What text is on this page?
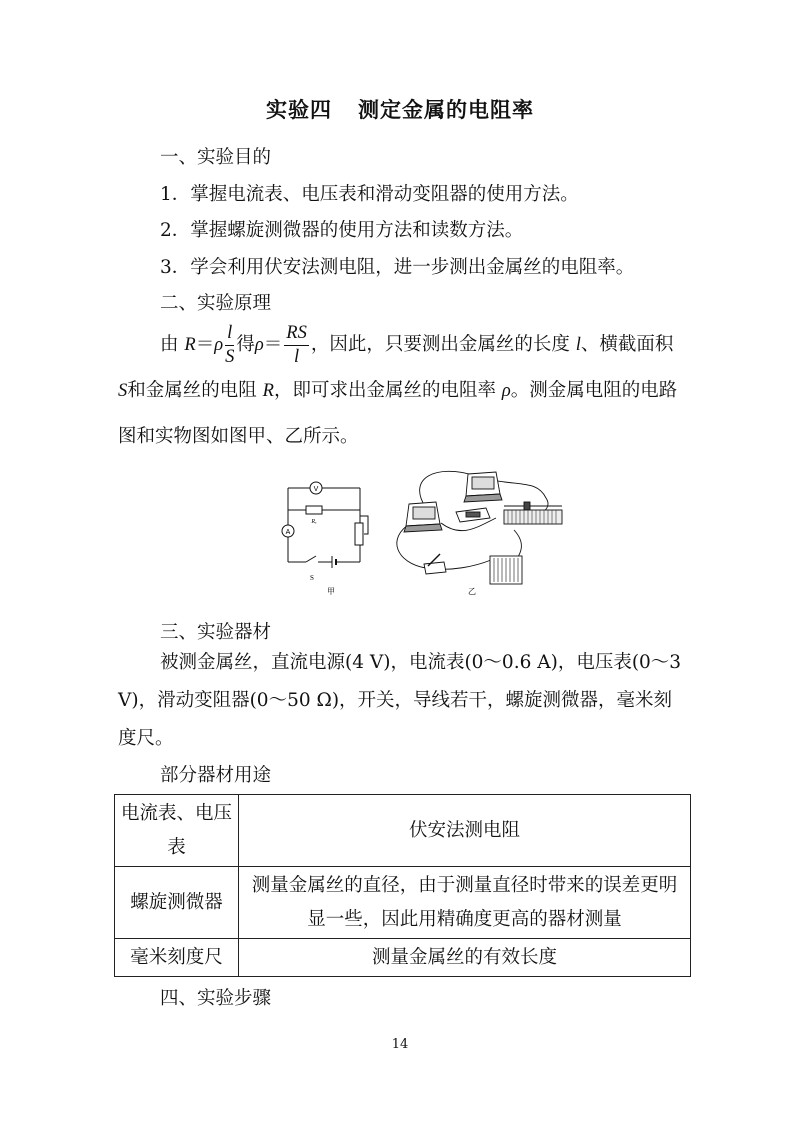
实验四 测定金属的电阻率
一、实验目的
1．掌握电流表、电压表和滑动变阻器的使用方法。
2．掌握螺旋测微器的使用方法和读数方法。
3．学会利用伏安法测电阻，进一步测出金属丝的电阻率。
二、实验原理
由 $R=\rho \frac{l}{S}$ 得$\rho= \frac{RS}{l}$ ，因此，只要测出金属丝的长度 l、横截面积
S和金属丝的电阻 R，即可求出金属丝的电阻率 ρ。测金属电阻的电路图和实物图如图甲、乙所示。
V
A
Rₓ
S
甲	乙
三、实验器材
被测金属丝，直流电源(4 V)，电流表(0～0.6 A)，电压表(0～3 V)，滑动变阻器(0～50 Ω)，开关，导线若干，螺旋测微器，毫米刻度尺。
部分器材用途
电流表、电压表	伏安法测电阻
螺旋测微器	测量金属丝的直径，由于测量直径时带来的误差更明显一些，因此用精确度更高的器材测量
毫米刻度尺	测量金属丝的有效长度
四、实验步骤
14
